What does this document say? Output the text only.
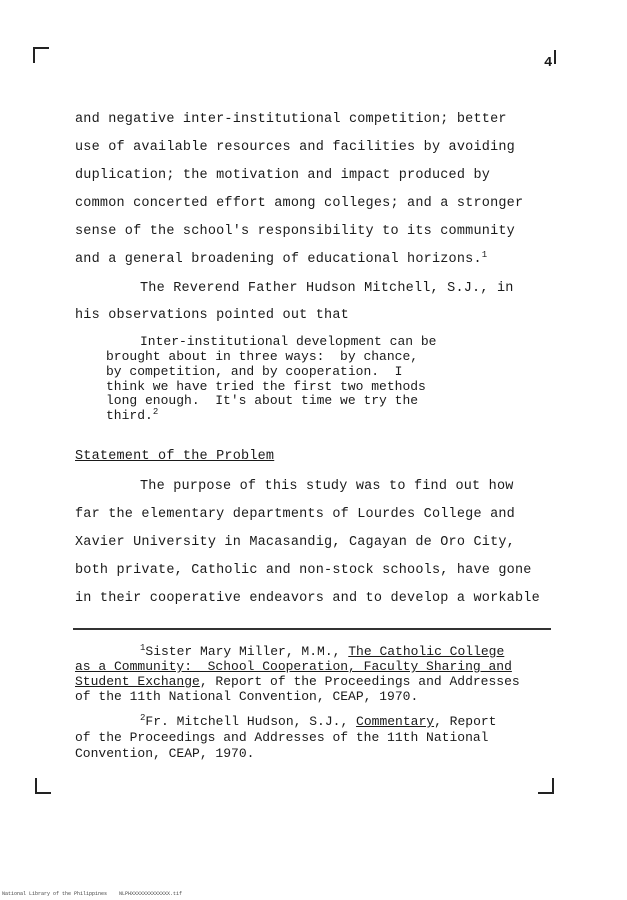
4
and negative inter-institutional competition; better
use of available resources and facilities by avoiding
duplication; the motivation and impact produced by
common concerted effort among colleges; and a stronger
sense of the school's responsibility to its community
and a general broadening of educational horizons.$^1$
The Reverend Father Hudson Mitchell, S.J., in
his observations pointed out that
Inter-institutional development can be
brought about in three ways:  by chance,
by competition, and by cooperation.  I
think we have tried the first two methods
long enough.  It's about time we try the
third.$^2$
Statement of the Problem
The purpose of this study was to find out how
far the elementary departments of Lourdes College and
Xavier University in Macasandig, Cagayan de Oro City,
both private, Catholic and non-stock schools, have gone
in their cooperative endeavors and to develop a workable
$^1$Sister Mary Miller, M.M., The Catholic College
as a Community:  School Cooperation, Faculty Sharing and
Student Exchange, Report of the Proceedings and Addresses
of the 11th National Convention, CEAP, 1970.
$^2$Fr. Mitchell Hudson, S.J., Commentary, Report
of the Proceedings and Addresses of the 11th National
Convention, CEAP, 1970.
National Library of the Philippines    NLPHXXXXXXXXXXXXX.tif
